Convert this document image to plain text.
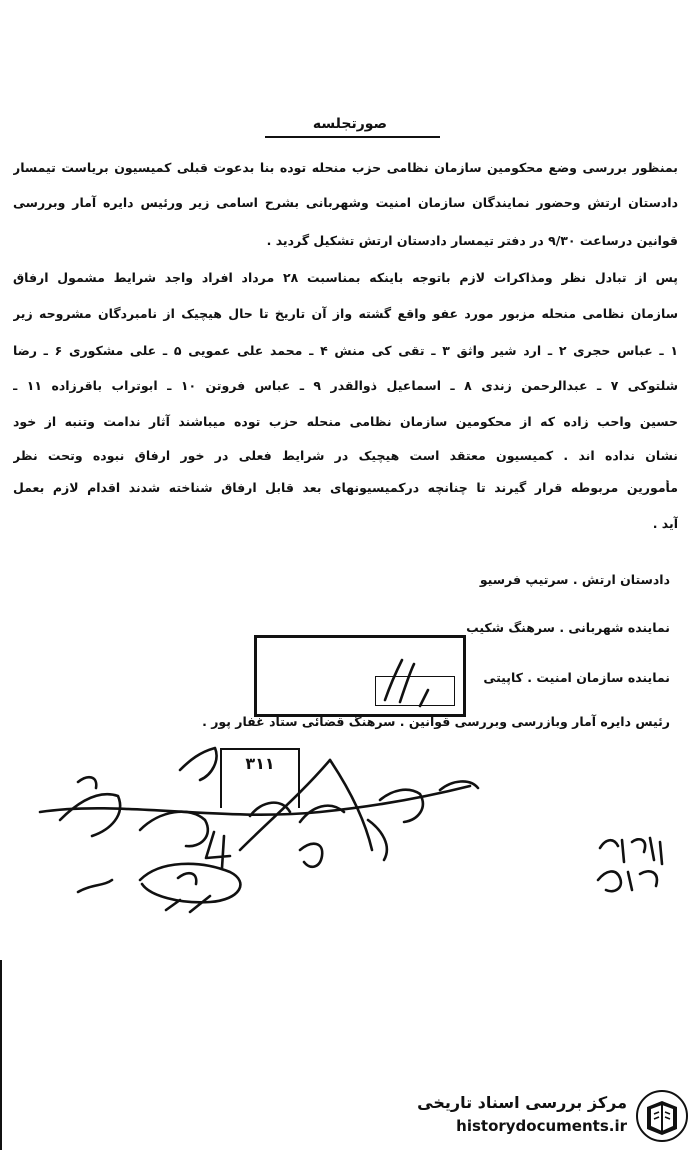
صورتجلسه
بمنظور بررسی وضع محکومین سازمان نظامی حزب منحله توده بنا بدعوت قبلی کمیسیون بریاست تیمسار
دادستان ارتش وحضور نمایندگان سازمان امنیت وشهربانی بشرح اسامی زیر ورئیس دایره آمار وبررسی
قوانین درساعت ۹/۳۰ در دفتر تیمسار دادستان ارتش تشکیل گردید .
پس از تبادل نظر ومذاکرات لازم باتوجه باینکه بمناسبت ۲۸ مرداد افراد واجد شرایط مشمول ارفاق
سازمان نظامی منحله مزبور مورد عفو واقع گشته واز آن تاریخ تا حال هیچیک از نامبردگان مشروحه زیر
۱ ـ عباس حجری ۲ ـ ارد شیر واثق ۳ ـ تقی کی منش ۴ ـ محمد علی عمویی ۵ ـ علی مشکوری ۶ ـ رضا
شلتوکی ۷ ـ عبدالرحمن زندی ۸ ـ اسماعیل ذوالقدر ۹ ـ عباس فروتن ۱۰ ـ ابوتراب باقرزاده ۱۱ ـ
حسین واحب زاده که از محکومین سازمان نظامی منحله حزب توده میباشند آثار ندامت وتنبه از خود
نشان نداده اند . کمیسیون معتقد است هیچیک در شرایط فعلی در خور ارفاق نبوده وتحت نظر
مأمورین مربوطه قرار گیرند تا چنانچه درکمیسیونهای بعد قابل ارفاق شناخته شدند اقدام لازم بعمل
آید .
دادستان ارتش . سرتیپ فرسیو
نماینده شهربانی . سرهنگ شکیب
نماینده سازمان امنیت . کاپیتی
رئیس دایره آمار وبازرسی وبررسی قوانین . سرهنگ قضائی ستاد غفار پور .
۳۱۱
مرکز بررسی اسناد تاریخی
historydocuments.ir
